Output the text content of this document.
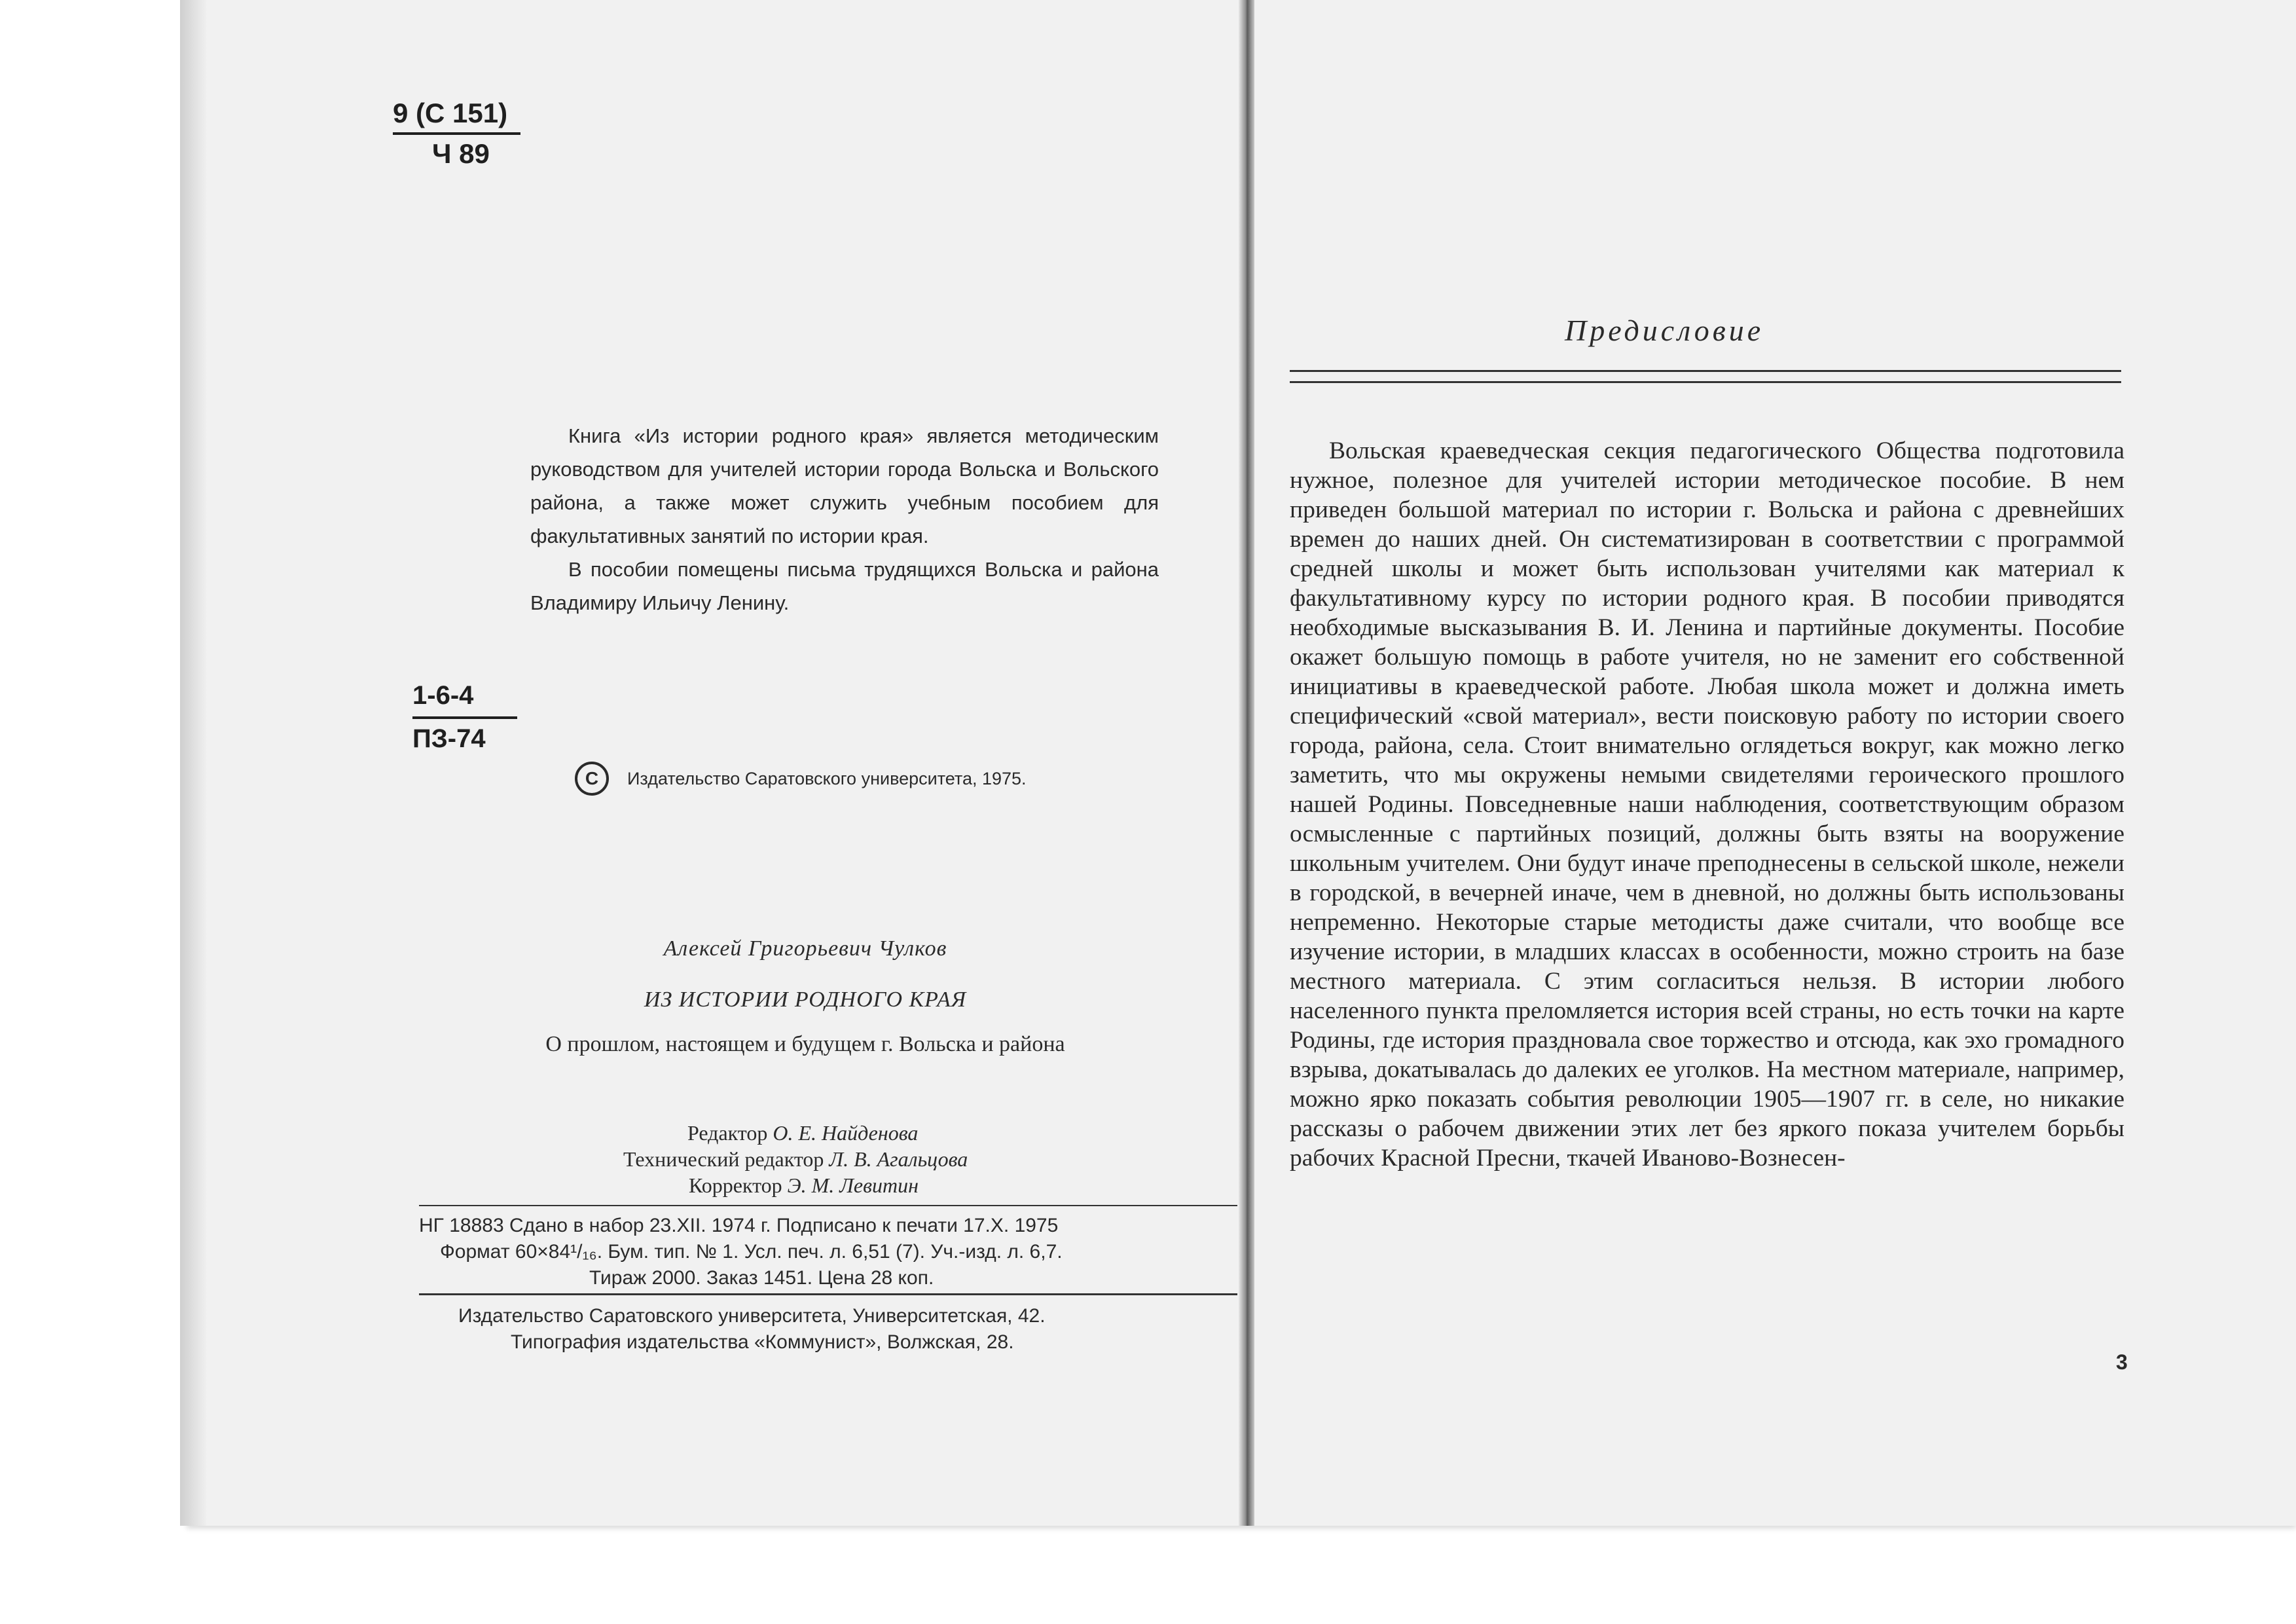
9 (С 151)
Ч 89

Книга «Из истории родного края» является методическим руководством для учителей истории города Вольска и Вольского района, а также может служить учебным пособием для факультативных занятий по истории края.

В пособии помещены письма трудящихся Вольска и района Владимиру Ильичу Ленину.

1-6-4
ПЗ-74
С	Издательство Саратовского университета, 1975.

Алексей Григорьевич Чулков

ИЗ ИСТОРИИ РОДНОГО КРАЯ

О прошлом, настоящем и будущем г. Вольска и района

Редактор О. Е. Найденова
Технический редактор Л. В. Агальцова
Корректор Э. М. Левитин
НГ 18883 Сдано в набор 23.XII. 1974 г. Подписано к печати 17.X. 1975
Формат 60×84¹/₁₆. Бум. тип. № 1. Усл. печ. л. 6,51 (7). Уч.-изд. л. 6,7.
Тираж 2000. Заказ 1451. Цена 28 коп.
Издательство Саратовского университета, Университетская, 42.
Типография издательства «Коммунист», Волжская, 28.
Предисловие

Вольская краеведческая секция педагогического Общества подготовила нужное, полезное для учителей истории методическое пособие. В нем приведен большой материал по истории г. Вольска и района с древнейших времен до наших дней. Он систематизирован в соответствии с программой средней школы и может быть использован учителями как материал к факультативному курсу по истории родного края. В пособии приводятся необходимые высказывания В. И. Ленина и партийные документы. Пособие окажет большую помощь в работе учителя, но не заменит его собственной инициативы в краеведческой работе. Любая школа может и должна иметь специфический «свой материал», вести поисковую работу по истории своего города, района, села. Стоит внимательно оглядеться вокруг, как можно легко заметить, что мы окружены немыми свидетелями героического прошлого нашей Родины. Повседневные наши наблюдения, соответствующим образом осмысленные с партийных позиций, должны быть взяты на вооружение школьным учителем. Они будут иначе преподнесены в сельской школе, нежели в городской, в вечерней иначе, чем в дневной, но должны быть использованы непременно. Некоторые старые методисты даже считали, что вообще все изучение истории, в младших классах в особенности, можно строить на базе местного материала. С этим согласиться нельзя. В истории любого населенного пункта преломляется история всей страны, но есть точки на карте Родины, где история праздновала свое торжество и отсюда, как эхо громадного взрыва, докатывалась до далеких ее уголков. На местном материале, например, можно ярко показать события революции 1905—1907 гг. в селе, но никакие рассказы о рабочем движении этих лет без яркого показа учителем борьбы рабочих Красной Пресни, ткачей Иваново-Вознесен-

3
